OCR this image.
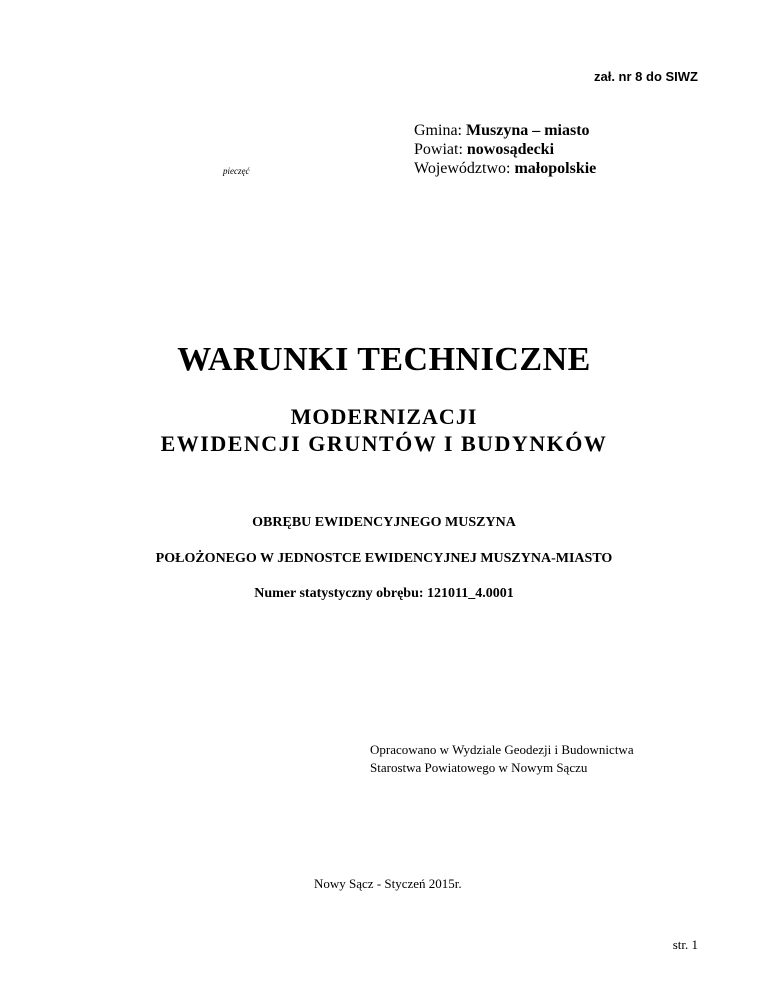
zał. nr 8 do SIWZ
pieczęć
Gmina: Muszyna – miasto
Powiat: nowosądecki
Województwo: małopolskie
WARUNKI TECHNICZNE
MODERNIZACJI
EWIDENCJI GRUNTÓW I BUDYNKÓW
OBRĘBU EWIDENCYJNEGO MUSZYNA
POŁOŻONEGO W JEDNOSTCE EWIDENCYJNEJ MUSZYNA-MIASTO
Numer statystyczny obrębu: 121011_4.0001
Opracowano w Wydziale Geodezji i Budownictwa
Starostwa Powiatowego w Nowym Sączu
Nowy Sącz - Styczeń 2015r.
str. 1
